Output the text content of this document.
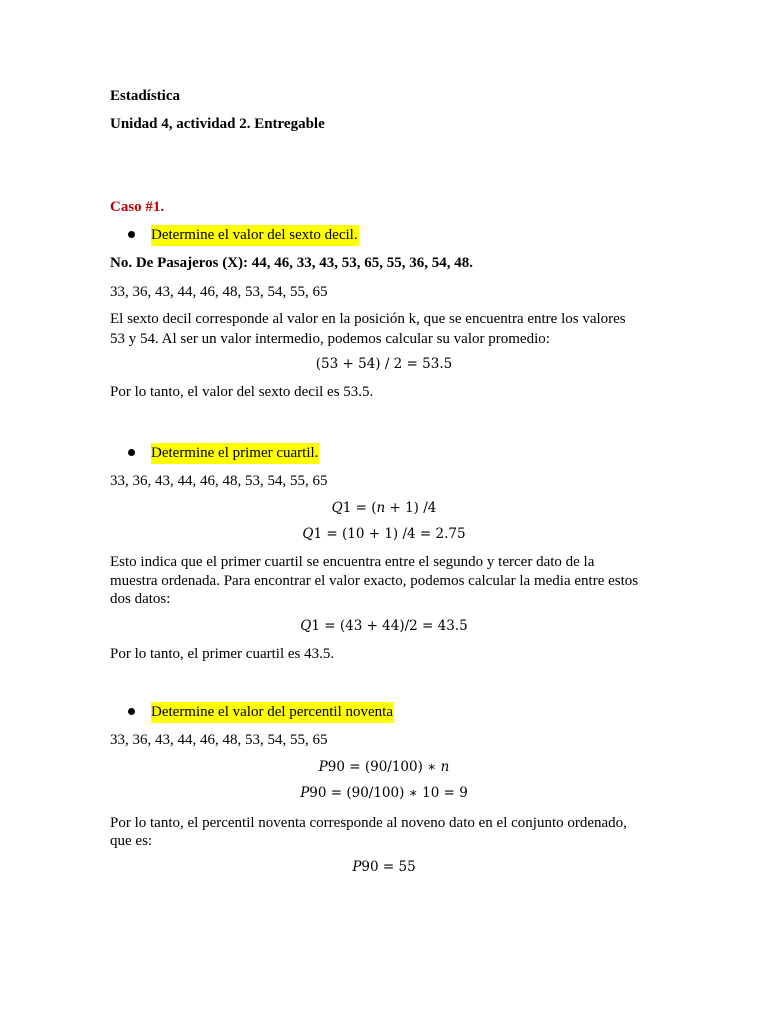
Estadística
Unidad 4, actividad 2. Entregable
Caso #1.
Determine el valor del sexto decil.
No. De Pasajeros (X): 44, 46, 33, 43, 53, 65, 55, 36, 54, 48.
33, 36, 43, 44, 46, 48, 53, 54, 55, 65
El sexto decil corresponde al valor en la posición k, que se encuentra entre los valores
53 y 54. Al ser un valor intermedio, podemos calcular su valor promedio:
(53 + 54) / 2 = 53.5
Por lo tanto, el valor del sexto decil es 53.5.
Determine el primer cuartil.
33, 36, 43, 44, 46, 48, 53, 54, 55, 65
Q1 = (n + 1) /4
Q1 = (10 + 1) /4 = 2.75
Esto indica que el primer cuartil se encuentra entre el segundo y tercer dato de la
muestra ordenada. Para encontrar el valor exacto, podemos calcular la media entre estos
dos datos:
Q1 = (43 + 44)/2 = 43.5
Por lo tanto, el primer cuartil es 43.5.
Determine el valor del percentil noventa
33, 36, 43, 44, 46, 48, 53, 54, 55, 65
P90 = (90/100) ∗ n
P90 = (90/100) ∗ 10 = 9
Por lo tanto, el percentil noventa corresponde al noveno dato en el conjunto ordenado,
que es:
P90 = 55
